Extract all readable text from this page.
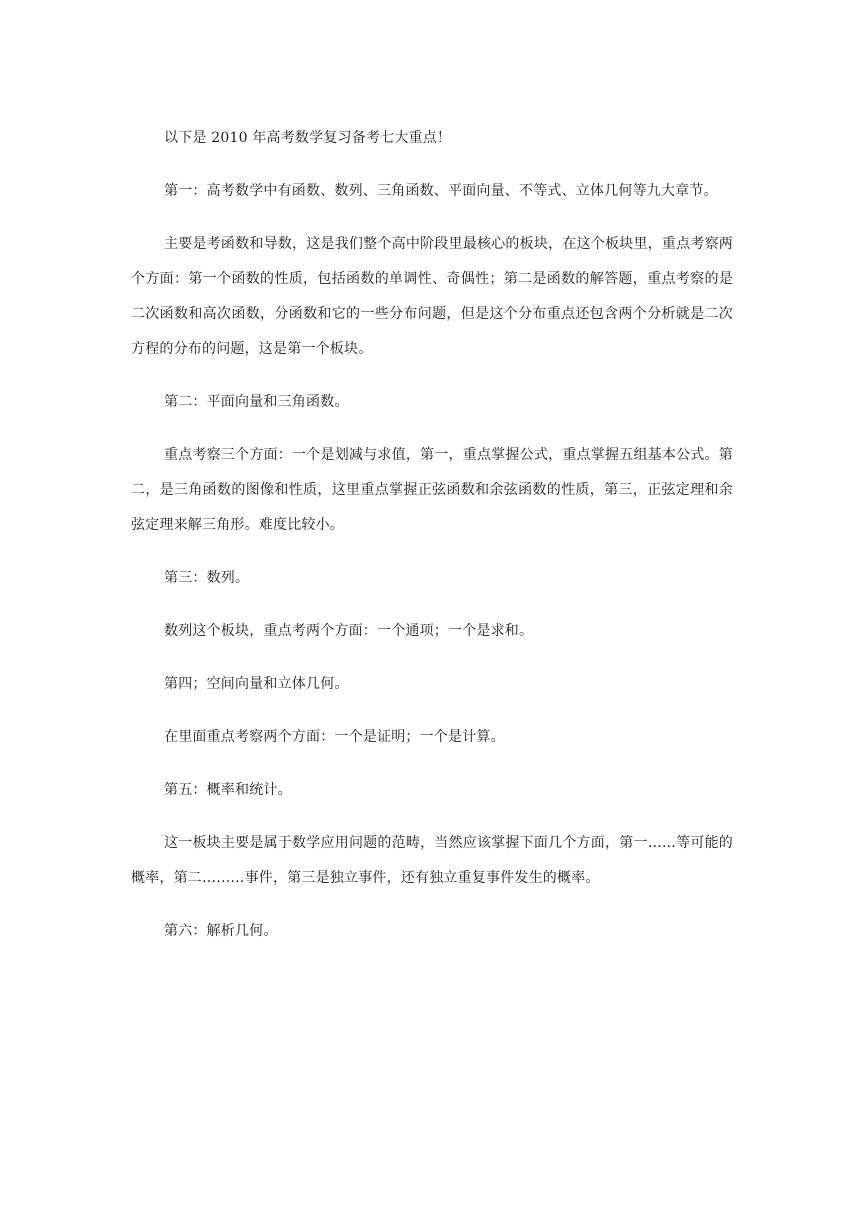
以下是 2010 年高考数学复习备考七大重点！

第一：高考数学中有函数、数列、三角函数、平面向量、不等式、立体几何等九大章节。

主要是考函数和导数，这是我们整个高中阶段里最核心的板块，在这个板块里，重点考察两个方面：第一个函数的性质，包括函数的单调性、奇偶性；第二是函数的解答题，重点考察的是二次函数和高次函数，分函数和它的一些分布问题，但是这个分布重点还包含两个分析就是二次方程的分布的问题，这是第一个板块。

第二：平面向量和三角函数。

重点考察三个方面：一个是划减与求值，第一，重点掌握公式，重点掌握五组基本公式。第二，是三角函数的图像和性质，这里重点掌握正弦函数和余弦函数的性质，第三，正弦定理和余弦定理来解三角形。难度比较小。

第三：数列。

数列这个板块，重点考两个方面：一个通项；一个是求和。

第四；空间向量和立体几何。

在里面重点考察两个方面：一个是证明；一个是计算。

第五：概率和统计。

这一板块主要是属于数学应用问题的范畴，当然应该掌握下面几个方面，第一……等可能的概率，第二………事件，第三是独立事件，还有独立重复事件发生的概率。

第六：解析几何。
